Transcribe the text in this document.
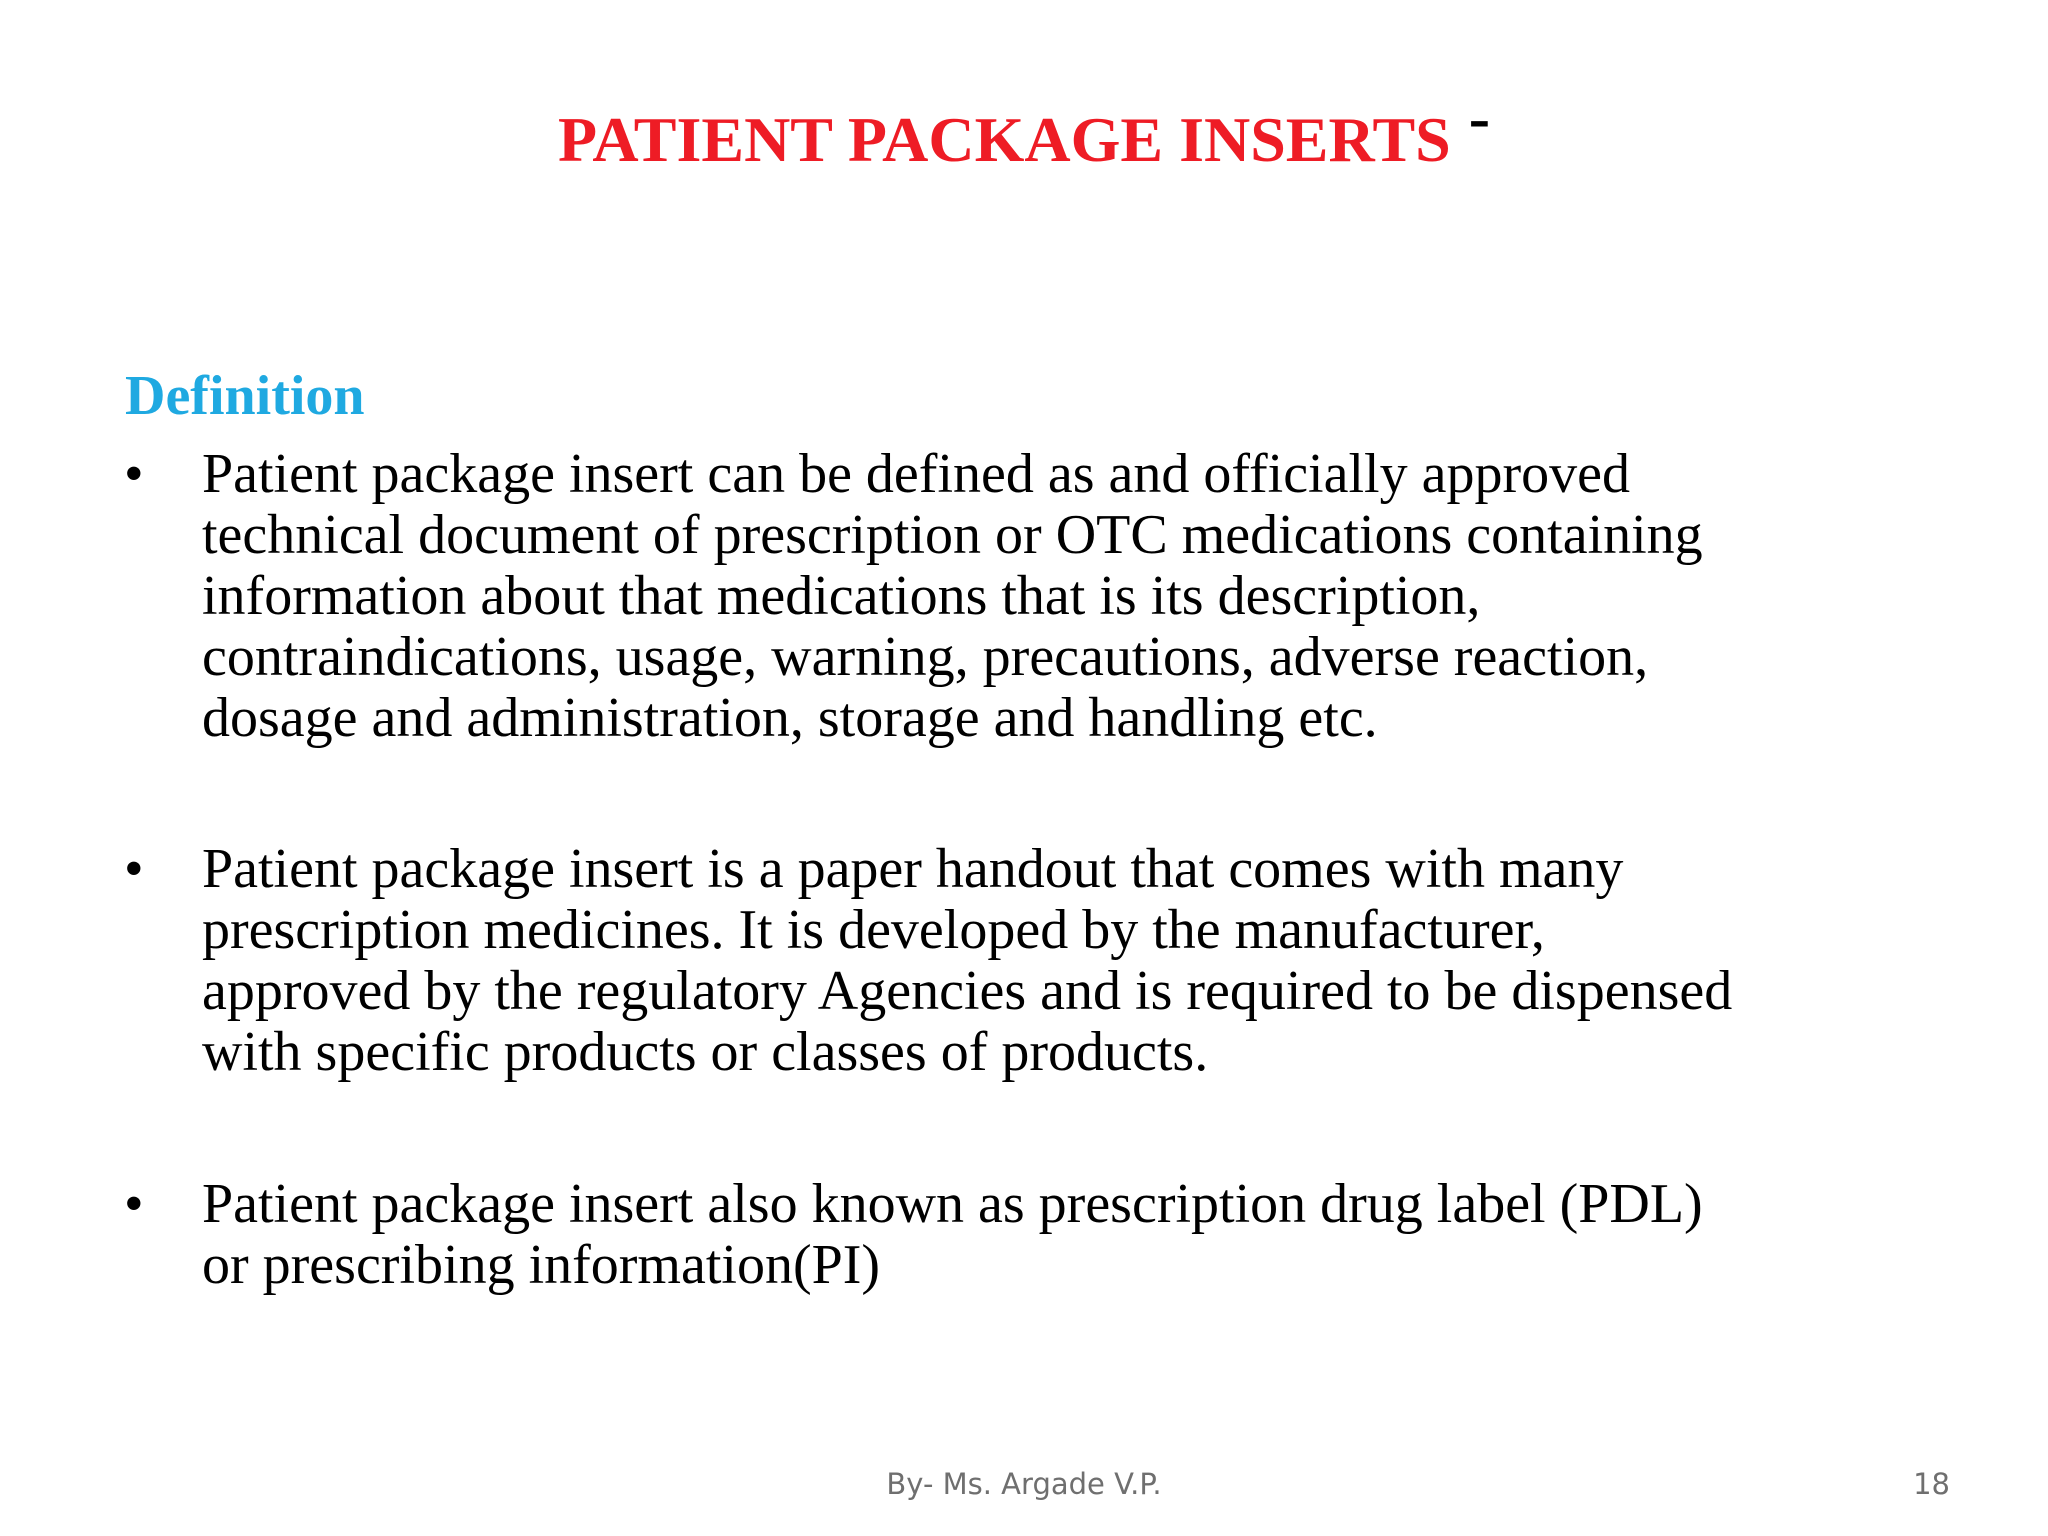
PATIENT PACKAGE INSERTS -
Definition
•	Patient package insert can be defined as and officially approved
technical document of prescription or OTC medications containing
information about that medications that is its description,
contraindications, usage, warning, precautions, adverse reaction,
dosage and administration, storage and handling etc.
•	Patient package insert is a paper handout that comes with many
prescription medicines. It is developed by the manufacturer,
approved by the regulatory Agencies and is required to be dispensed
with specific products or classes of products.
•	Patient package insert also known as prescription drug label (PDL)
or prescribing information(PI)
By- Ms. Argade V.P.	18
